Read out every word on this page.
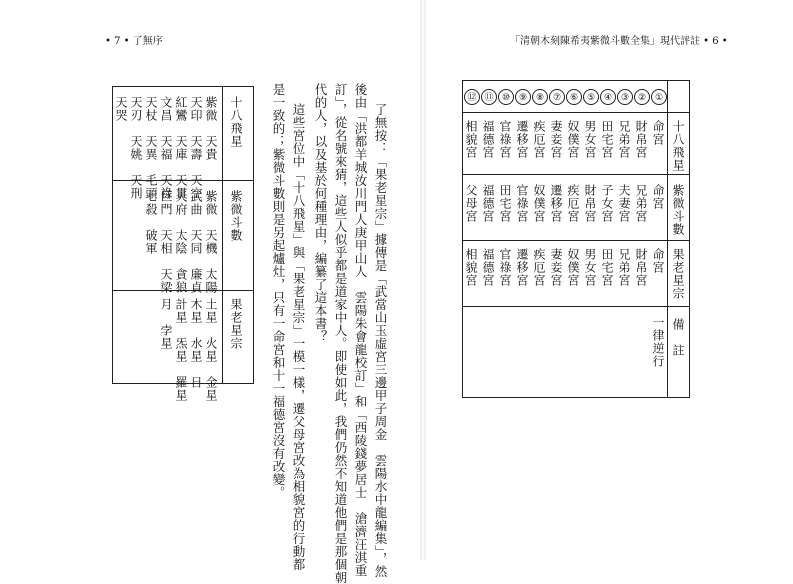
• 7 • 了無序
了無按：「果老星宗」據傳是「武當山玉虛宮三邊甲子周金　雲陽水中龍編集」，然
後由「洪都羊城汝川門人庚甲山人　雲陽朱會龍校訂」和「西陵錢夢居士　滄濟汪淇重
訂」，從名號來猜，這些人似乎都是道家中人。即使如此，我們仍然不知道他們是那個朝
代的人，以及基於何種理由，編纂了這本書？
這些宮位中「十八飛星」與「果老星宗」一模一樣，遷父母宮改為相貌宮的行動都
是一致的；紫微斗數則是另起爐灶，只有一命宮和十一福德宮沒有改變。
十八飛星
紫微斗數
果老星宗
紫微　天貴
天印　天壽　天空
紅鸞　天庫　天貫
文昌　天福　天祿
天杖　天異　毛頭
天刃　天姚　天刑
天哭
紫微　天機　太陽
武曲　天同　廉貞
天府　太陰　貪狼
巨門　天相　天梁
七殺　破軍
土星　火星　金星
木星　水星　日
計星　炁星　羅星
月　孛星
「清朝木刻陳希夷紫微斗數全集」現代評註 • 6 •
十八飛星
紫微斗數
果老星宗
備　註
⑫ ⑪ ⑩ ⑨ ⑧ ⑦ ⑥ ⑤ ④ ③ ② ①
命宮
財帛宮
兄弟宮
田宅宮
男女宮
奴僕宮
妻妾宮
疾厄宮
遷移宮
官祿宮
福德宮
相貌宮
命宮
兄弟宮
夫妻宮
子女宮
財帛宮
疾厄宮
遷移宮
奴僕宮
官祿宮
田宅宮
福德宮
父母宮
命宮
財帛宮
兄弟宮
田宅宮
男女宮
奴僕宮
妻妾宮
疾厄宮
遷移宮
官祿宮
福德宮
相貌宮
一律逆行
